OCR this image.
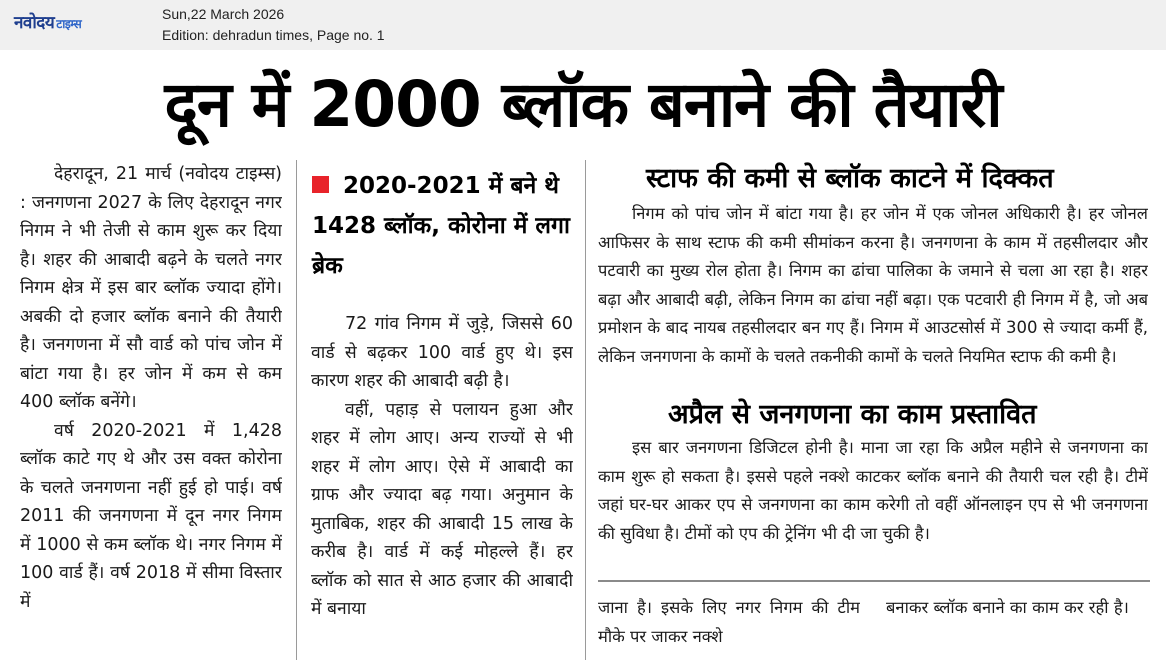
नवोदय टाइम्स
Sun,22 March 2026
Edition: dehradun times, Page no. 1
दून में 2000 ब्लॉक बनाने की तैयारी

देहरादून, 21 मार्च (नवोदय टाइम्स) : जनगणना 2027 के लिए देहरादून नगर निगम ने भी तेजी से काम शुरू कर दिया है। शहर की आबादी बढ़ने के चलते नगर निगम क्षेत्र में इस बार ब्लॉक ज्यादा होंगे। अबकी दो हजार ब्लॉक बनाने की तैयारी है। जनगणना में सौ वार्ड को पांच जोन में बांटा गया है। हर जोन में कम से कम 400 ब्लॉक बनेंगे।

वर्ष 2020-2021 में 1,428 ब्लॉक काटे गए थे और उस वक्त कोरोना के चलते जनगणना नहीं हुई हो पाई। वर्ष 2011 की जनगणना में दून नगर निगम में 1000 से कम ब्लॉक थे। नगर निगम में 100 वार्ड हैं। वर्ष 2018 में सीमा विस्तार में

2020-2021 में बने थे 1428 ब्लॉक, कोरोना में लगा ब्रेक

72 गांव निगम में जुड़े, जिससे 60 वार्ड से बढ़कर 100 वार्ड हुए थे। इस कारण शहर की आबादी बढ़ी है।

वहीं, पहाड़ से पलायन हुआ और शहर में लोग आए। अन्य राज्यों से भी शहर में लोग आए। ऐसे में आबादी का ग्राफ और ज्यादा बढ़ गया। अनुमान के मुताबिक, शहर की आबादी 15 लाख के करीब है। वार्ड में कई मोहल्ले हैं। हर ब्लॉक को सात से आठ हजार की आबादी में बनाया

स्टाफ की कमी से ब्लॉक काटने में दिक्कत

निगम को पांच जोन में बांटा गया है। हर जोन में एक जोनल अधिकारी है। हर जोनल आफिसर के साथ स्टाफ की कमी सीमांकन करना है। जनगणना के काम में तहसीलदार और पटवारी का मुख्य रोल होता है। निगम का ढांचा पालिका के जमाने से चला आ रहा है। शहर बढ़ा और आबादी बढ़ी, लेकिन निगम का ढांचा नहीं बढ़ा। एक पटवारी ही निगम में है, जो अब प्रमोशन के बाद नायब तहसीलदार बन गए हैं। निगम में आउटसोर्स में 300 से ज्यादा कर्मी हैं, लेकिन जनगणना के कामों के चलते तकनीकी कामों के चलते नियमित स्टाफ की कमी है।

अप्रैल से जनगणना का काम प्रस्तावित

इस बार जनगणना डिजिटल होनी है। माना जा रहा कि अप्रैल महीने से जनगणना का काम शुरू हो सकता है। इससे पहले नक्शे काटकर ब्लॉक बनाने की तैयारी चल रही है। टीमें जहां घर-घर आकर एप से जनगणना का काम करेगी तो वहीं ऑनलाइन एप से भी जनगणना की सुविधा है। टीमों को एप की ट्रेनिंग भी दी जा चुकी है।

जाना है। इसके लिए नगर निगम की टीम मौके पर जाकर नक्शे

बनाकर ब्लॉक बनाने का काम कर रही है।
